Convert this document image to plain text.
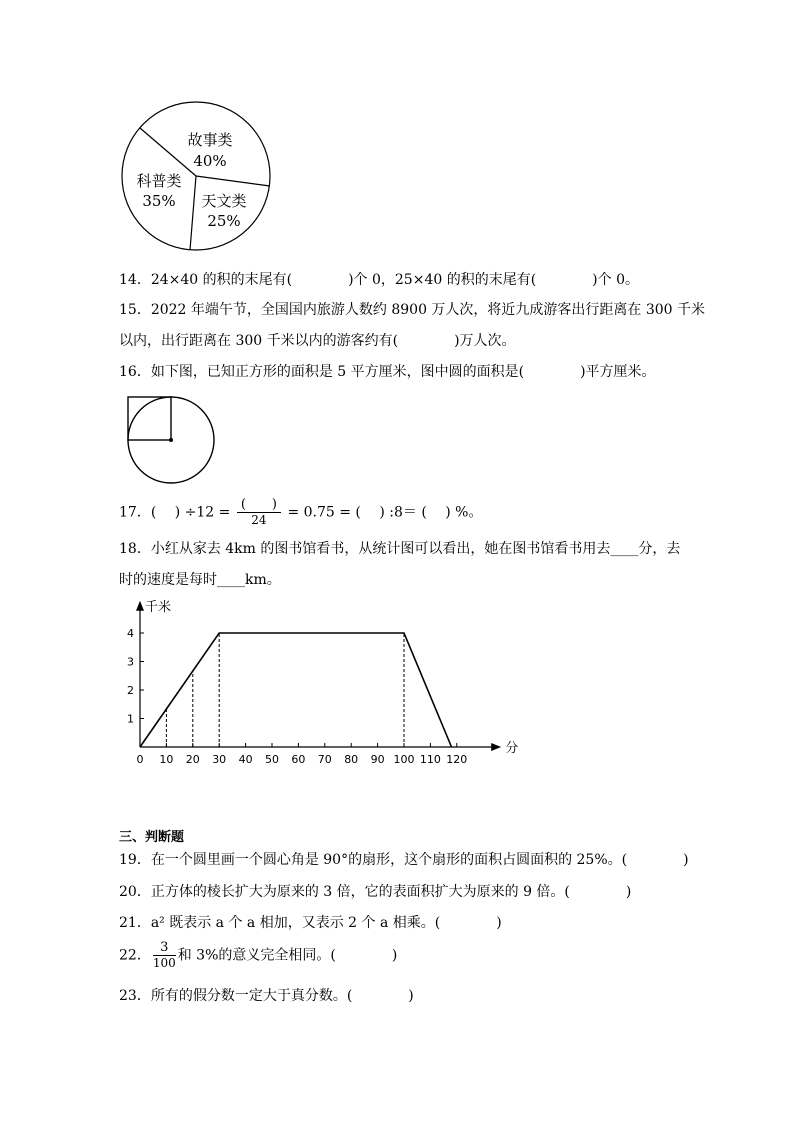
故事类
40%
天文类
25%
科普类
35%
14．24×40 的积的末尾有(　　　　)个 0，25×40 的积的末尾有(　　　　)个 0。
15．2022 年端午节，全国国内旅游人数约 8900 万人次，将近九成游客出行距离在 300 千米
以内，出行距离在 300 千米以内的游客约有(　　　　)万人次。
16．如下图，已知正方形的面积是 5 平方厘米，图中圆的面积是(　　　　)平方厘米。
17．(　 ) $\div 12 = \frac{( )}{24} = 0.75$ = (　 ) :8＝ (　 ) %。
18．小红从家去 4km 的图书馆看书，从统计图可以看出，她在图书馆看书用去____分，去
时的速度是每时____km。
千米
分
0 10 20 30 40 50 60 70 80 90 100 110 120
1
2
3
4
三、判断题
19．在一个圆里画一个圆心角是 90°的扇形，这个扇形的面积占圆面积的 25%。(　　　　)
20．正方体的棱长扩大为原来的 3 倍，它的表面积扩大为原来的 9 倍。(　　　　)
21．a² 既表示 a 个 a 相加，又表示 2 个 a 相乘。(　　　　)
22． $\frac{3}{100}$ 和 3%的意义完全相同。(　　　　)
23．所有的假分数一定大于真分数。(　　　　)
